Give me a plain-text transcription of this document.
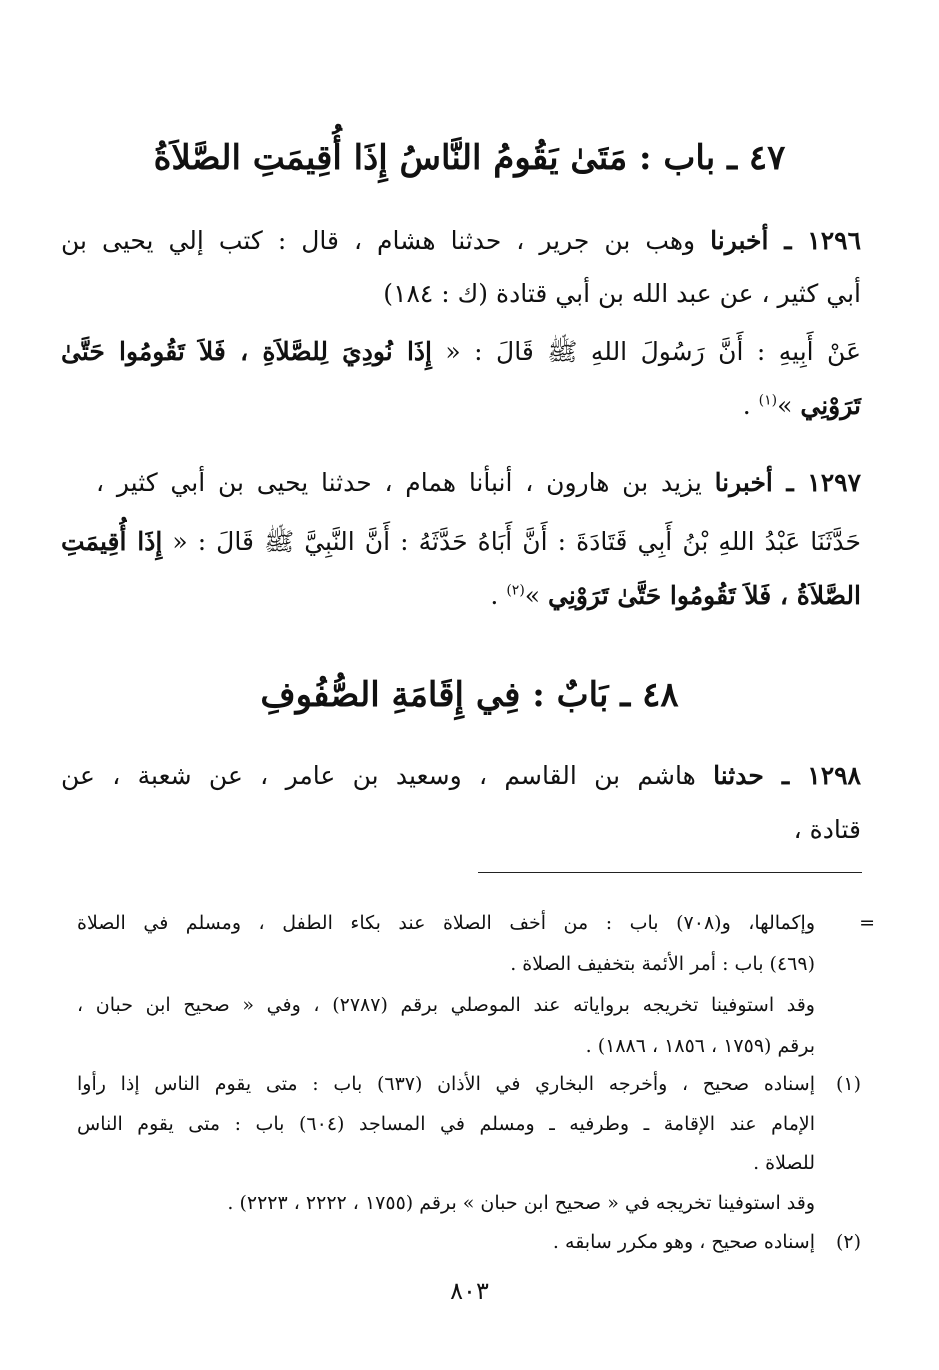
٤٧ ـ باب : مَتَىٰ يَقُومُ النَّاسُ إِذَا أُقِيمَتِ الصَّلاَةُ
١٢٩٦ ـ أخبرنا وهب بن جرير ، حدثنا هشام ، قال : كتب إلي يحيى بن
أبي كثير ، عن عبد الله بن أبي قتادة (ك : ١٨٤)
عَنْ أَبِيهِ : أَنَّ رَسُولَ اللهِ ﷺ قَالَ : « إِذَا نُودِيَ لِلصَّلاَةِ ، فَلاَ تَقُومُوا حَتَّىٰ
تَرَوْنِي »$^{(١)}$ .
١٢٩٧ ـ أخبرنا يزيد بن هارون ، أنبأنا همام ، حدثنا يحيى بن أبي كثير ،
حَدَّثَنَا عَبْدُ اللهِ بْنُ أَبِي قَتَادَةَ : أَنَّ أَبَاهُ حَدَّثَهُ : أَنَّ النَّبِيَّ ﷺ قَالَ : « إِذَا أُقِيمَتِ
الصَّلاَةُ ، فَلاَ تَقُومُوا حَتَّىٰ تَرَوْنِي »$^{(٢)}$ .
٤٨ ـ بَابٌ : فِي إِقَامَةِ الصُّفُوفِ
١٢٩٨ ـ حدثنا هاشم بن القاسم ، وسعيد بن عامر ، عن شعبة ، عن
قتادة ،
=
وإكمالها، و(٧٠٨) باب : من أخف الصلاة عند بكاء الطفل ، ومسلم في الصلاة
(٤٦٩) باب : أمر الأئمة بتخفيف الصلاة .
وقد استوفينا تخريجه برواياته عند الموصلي برقم (٢٧٨٧) ، وفي « صحيح ابن حبان ،
برقم (١٧٥٩ ، ١٨٥٦ ، ١٨٨٦) .
(١)
إسناده صحيح ، وأخرجه البخاري في الأذان (٦٣٧) باب : متى يقوم الناس إذا رأوا
الإمام عند الإقامة ـ وطرفيه ـ ومسلم في المساجد (٦٠٤) باب : متى يقوم الناس
للصلاة .
وقد استوفينا تخريجه في « صحيح ابن حبان » برقم (١٧٥٥ ، ٢٢٢٢ ، ٢٢٢٣) .
(٢)
إسناده صحيح ، وهو مكرر سابقه .
٨٠٣
